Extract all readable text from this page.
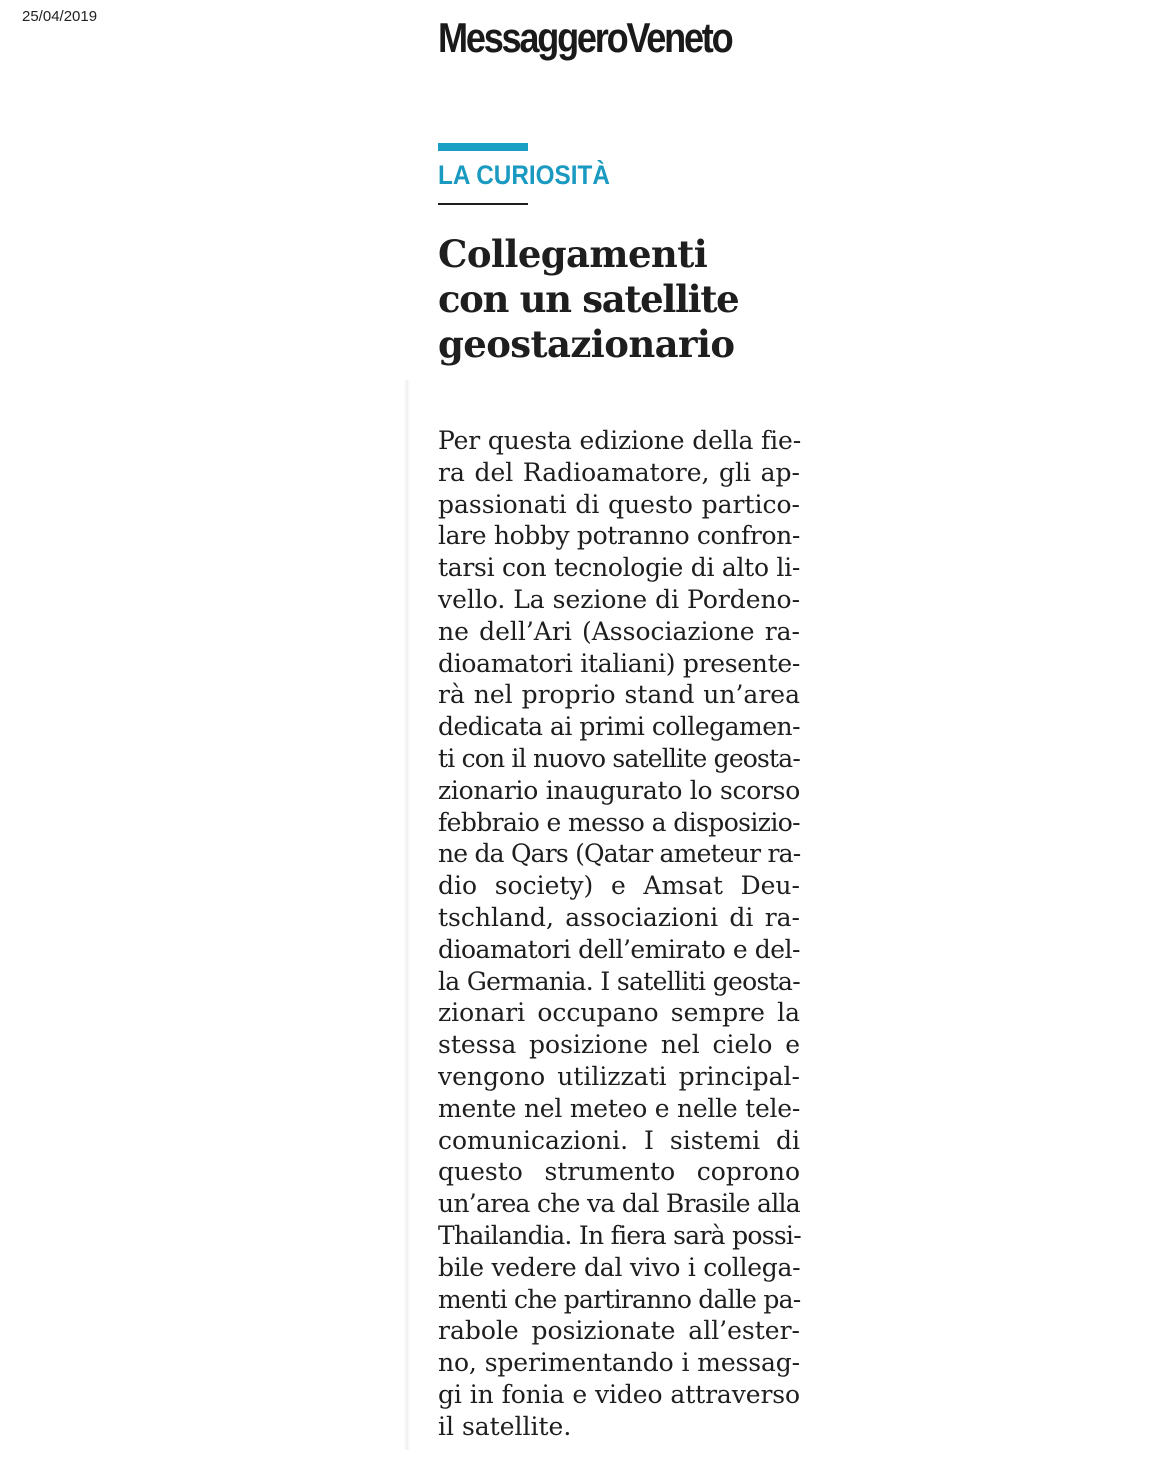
25/04/2019	MessaggeroVeneto
LA CURIOSITÀ
Collegamenti
con un satellite
geostazionario
Per questa edizione della fie-
ra del Radioamatore, gli ap-
passionati di questo partico-
lare hobby potranno confron-
tarsi con tecnologie di alto li-
vello. La sezione di Pordeno-
ne dell’Ari (Associazione ra-
dioamatori italiani) presente-
rà nel proprio stand un’area
dedicata ai primi collegamen-
ti con il nuovo satellite geosta-
zionario inaugurato lo scorso
febbraio e messo a disposizio-
ne da Qars (Qatar ameteur ra-
dio society) e Amsat Deu-
tschland, associazioni di ra-
dioamatori dell’emirato e del-
la Germania. I satelliti geosta-
zionari occupano sempre la
stessa posizione nel cielo e
vengono utilizzati principal-
mente nel meteo e nelle tele-
comunicazioni. I sistemi di
questo strumento coprono
un’area che va dal Brasile alla
Thailandia. In fiera sarà possi-
bile vedere dal vivo i collega-
menti che partiranno dalle pa-
rabole posizionate all’ester-
no, sperimentando i messag-
gi in fonia e video attraverso
il satellite.
